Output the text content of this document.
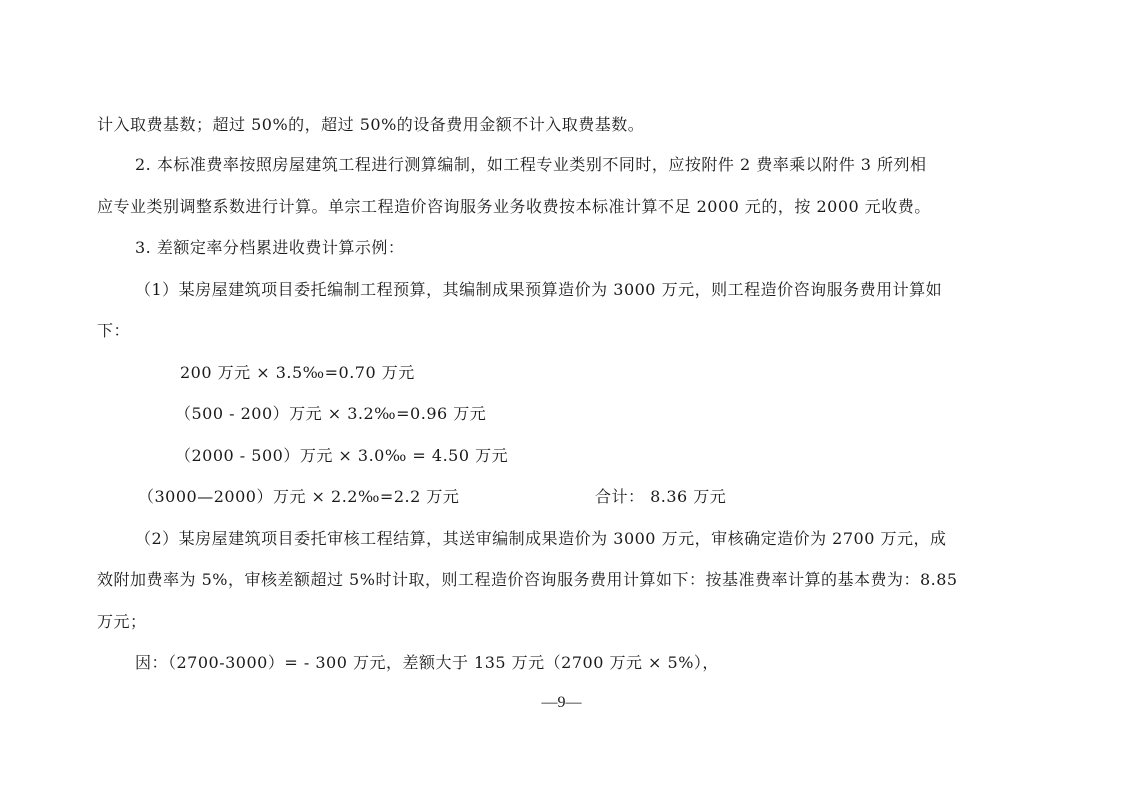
计入取费基数；超过 50%的，超过 50%的设备费用金额不计入取费基数。
2. 本标准费率按照房屋建筑工程进行测算编制，如工程专业类别不同时，应按附件 2 费率乘以附件 3 所列相
应专业类别调整系数进行计算。单宗工程造价咨询服务业务收费按本标准计算不足 2000 元的，按 2000 元收费。
3. 差额定率分档累进收费计算示例：
（1）某房屋建筑项目委托编制工程预算，其编制成果预算造价为 3000 万元，则工程造价咨询服务费用计算如
下：
200 万元 × 3.5‰=0.70 万元
（500 - 200）万元 × 3.2‰=0.96 万元
（2000 - 500）万元 × 3.0‰ = 4.50 万元
（3000—2000）万元 × 2.2‰=2.2 万元	合计： 8.36 万元
（2）某房屋建筑项目委托审核工程结算，其送审编制成果造价为 3000 万元，审核确定造价为 2700 万元，成
效附加费率为 5%，审核差额超过 5%时计取，则工程造价咨询服务费用计算如下：按基准费率计算的基本费为：8.85
万元；
因：（2700-3000）= - 300 万元，差额大于 135 万元（2700 万元 × 5%），
—9—
